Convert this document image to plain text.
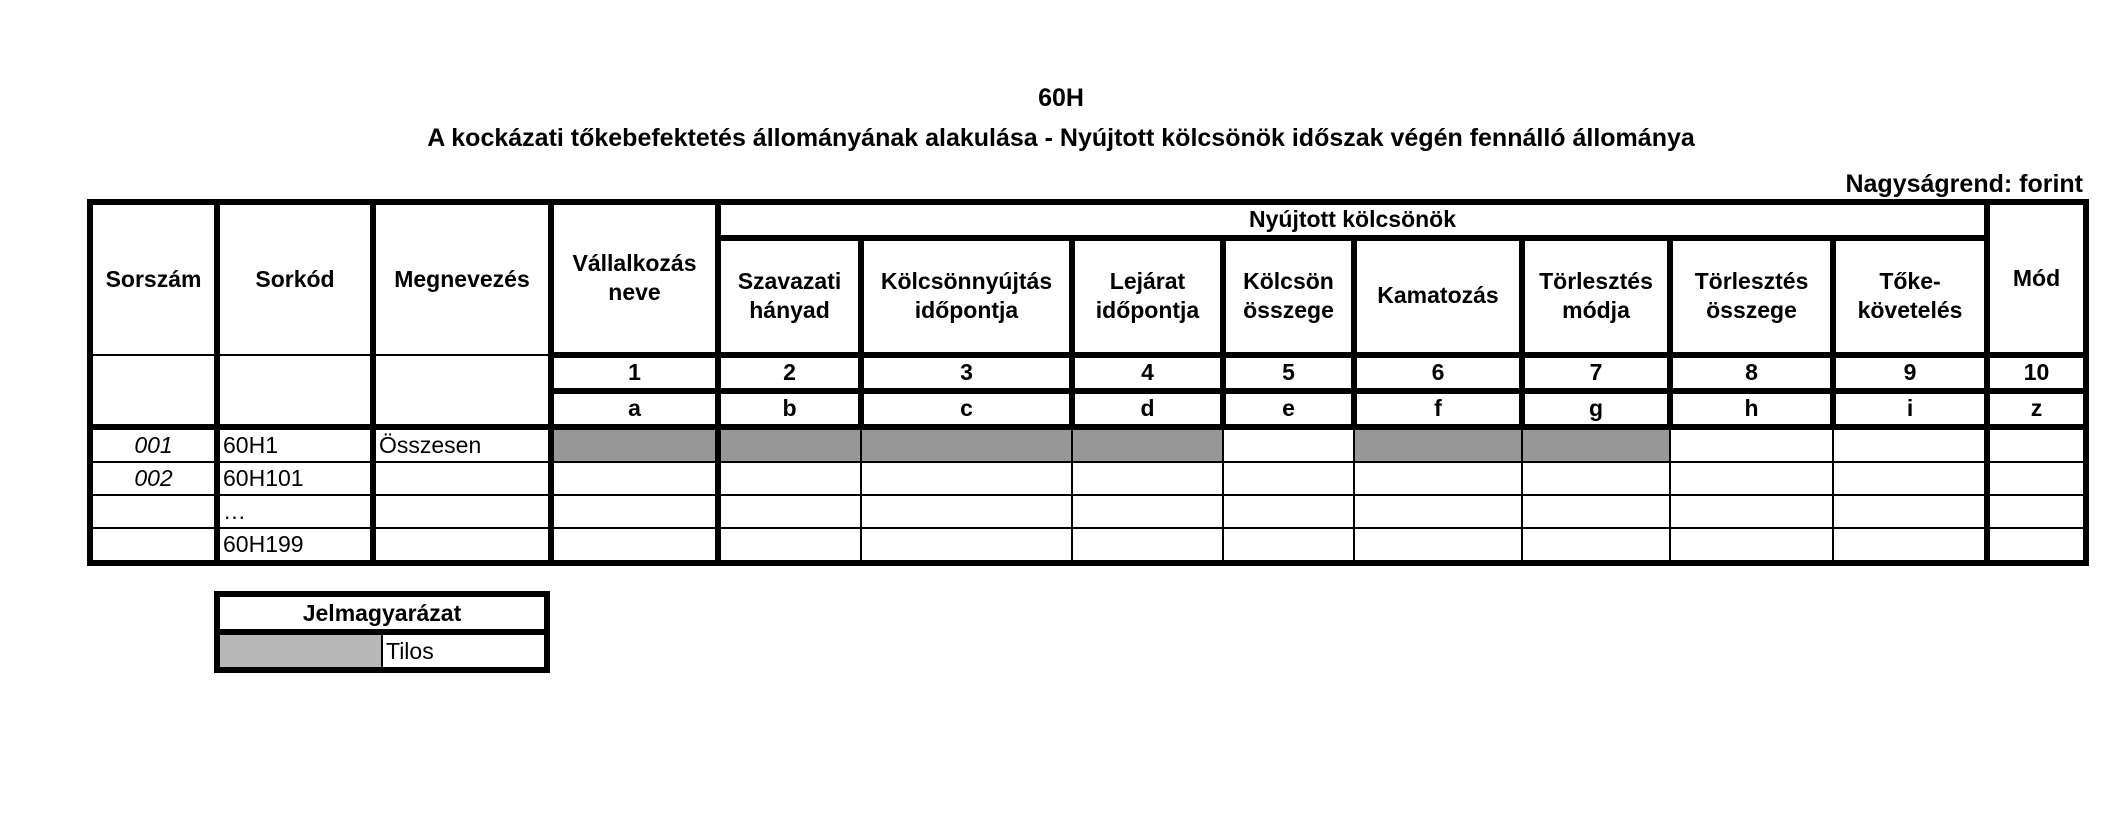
60H
A kockázati tőkebefektetés állományának alakulása - Nyújtott kölcsönök időszak végén fennálló állománya
Nagyságrend: forint
Sorszám	Sorkód	Megnevezés	Vállalkozás neve	Nyújtott kölcsönök								Mód
				Szavazati hányad	Kölcsönnyújtás időpontja	Lejárat időpontja	Kölcsön összege	Kamatozás	Törlesztés módja	Törlesztés összege	Tőke-követelés	
			1	2	3	4	5	6	7	8	9	10
			a	b	c	d	e	f	g	h	i	z
001	60H1	Összesen										
002	60H101											
	…											
	60H199											
Jelmagyarázat
	Tilos
